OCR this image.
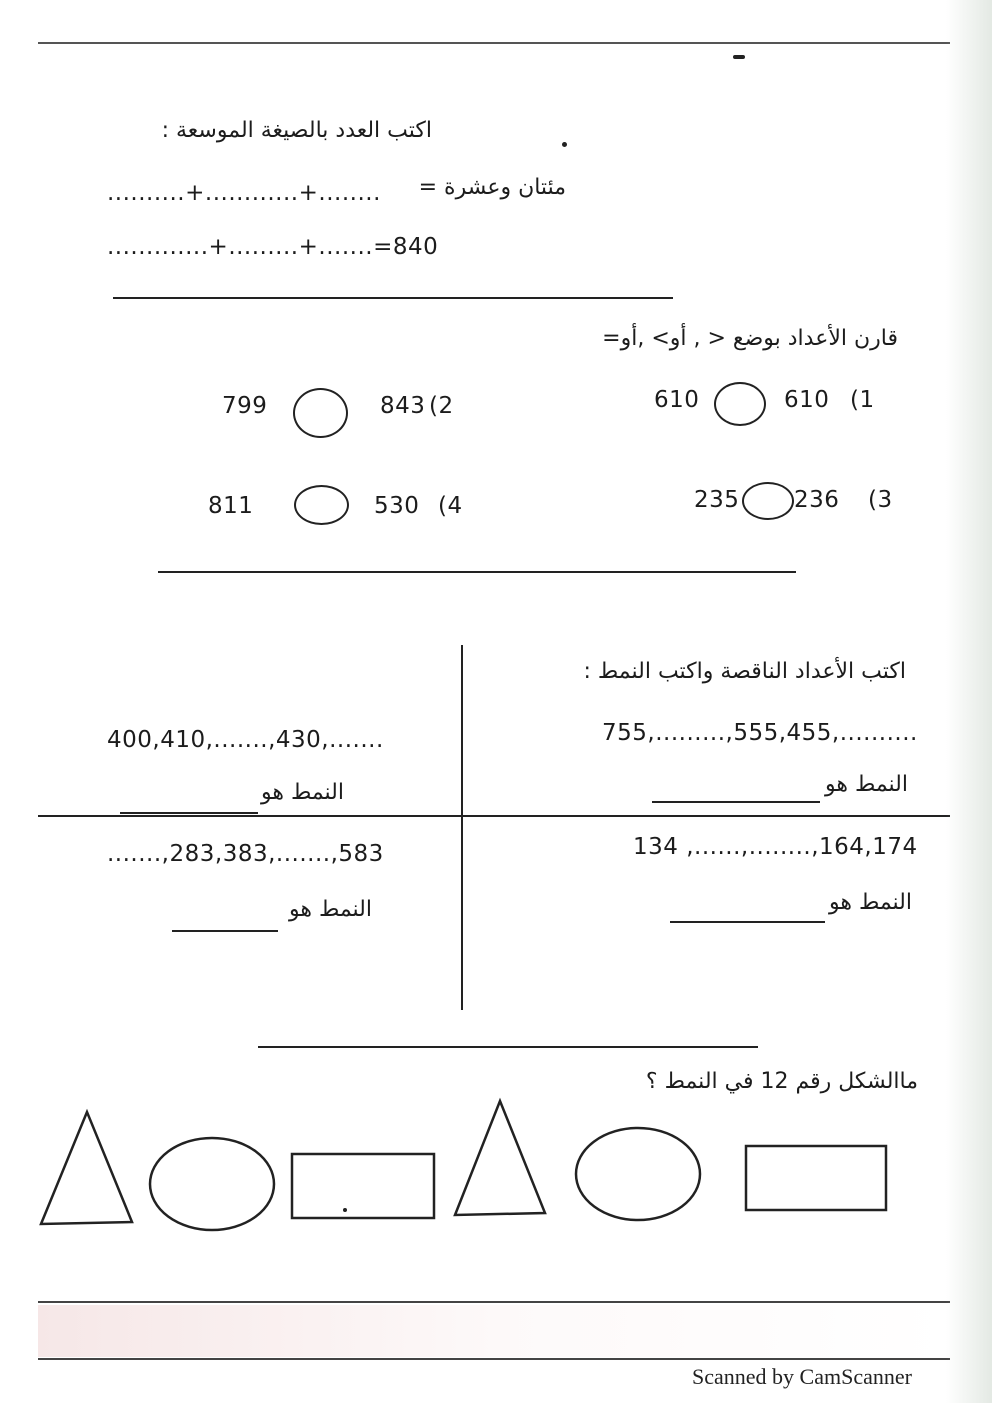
اكتب العدد بالصيغة الموسعة :
مئتان وعشرة =
..........+............+........
.............+.........+.......=840
قارن الأعداد بوضع < , أو> ,أو=
(1
610
610
(2
843
799
(3
236
235
(4
530
811
اكتب الأعداد الناقصة واكتب النمط :
755,.........,555,455,..........
النمط هو
400,410,.......,430,.......
النمط هو
134 ,......,........,164,174
النمط هو
.......,283,383,.......,583
النمط هو
ماالشكل رقم 12 في النمط ؟
Scanned by CamScanner
